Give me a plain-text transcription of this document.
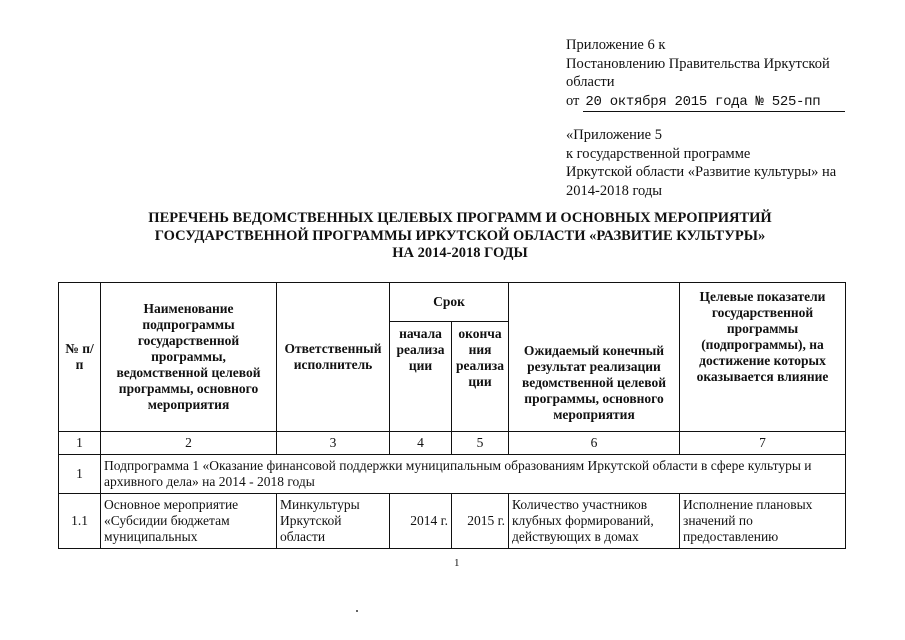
Приложение 6 к
Постановлению Правительства Иркутской
области
от 20 октября 2015 года № 525-пп
«Приложение 5
к государственной программе
Иркутской области «Развитие культуры» на
2014-2018 годы
ПЕРЕЧЕНЬ ВЕДОМСТВЕННЫХ ЦЕЛЕВЫХ ПРОГРАММ И ОСНОВНЫХ МЕРОПРИЯТИЙ
ГОСУДАРСТВЕННОЙ ПРОГРАММЫ ИРКУТСКОЙ ОБЛАСТИ «РАЗВИТИЕ КУЛЬТУРЫ»
НА 2014-2018 ГОДЫ
№ п/п	Наименование подпрограммы государственной программы, ведомственной целевой программы, основного мероприятия	Ответственный исполнитель	Срок		Ожидаемый конечный результат реализации ведомственной целевой программы, основного мероприятия	Целевые показатели государственной программы (подпрограммы), на достижение которых оказывается влияние
			начала реализа ции	оконча ния реализа ции		
1	2	3	4	5	6	7
1	Подпрограмма 1 «Оказание финансовой поддержки муниципальным образованиям Иркутской области в сфере культуры и архивного дела» на 2014 - 2018 годы					
1.1	Основное мероприятие «Субсидии бюджетам муниципальных	Минкультуры Иркутской области	2014 г.	2015 г.	Количество участников клубных формирований, действующих в домах	Исполнение плановых значений по предоставлению
1
